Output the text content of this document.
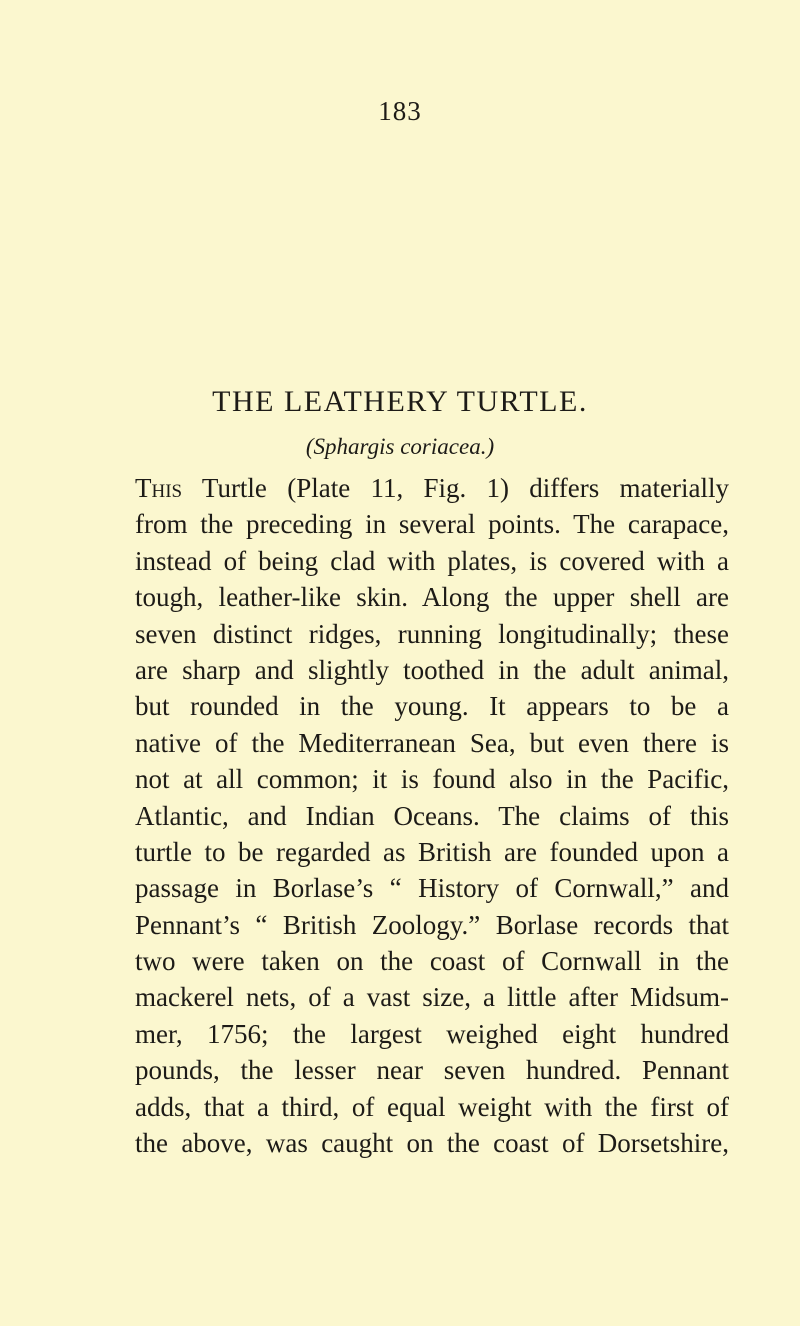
183
THE LEATHERY TURTLE.
(Sphargis coriacea.)
This Turtle (Plate 11, Fig. 1) differs materially
from the preceding in several points. The carapace,
instead of being clad with plates, is covered with a
tough, leather-like skin. Along the upper shell are
seven distinct ridges, running longitudinally; these
are sharp and slightly toothed in the adult animal,
but rounded in the young. It appears to be a
native of the Mediterranean Sea, but even there is
not at all common; it is found also in the Pacific,
Atlantic, and Indian Oceans. The claims of this
turtle to be regarded as British are founded upon a
passage in Borlase’s “ History of Cornwall,” and
Pennant’s “ British Zoology.” Borlase records that
two were taken on the coast of Cornwall in the
mackerel nets, of a vast size, a little after Midsum-
mer, 1756; the largest weighed eight hundred
pounds, the lesser near seven hundred. Pennant
adds, that a third, of equal weight with the first of
the above, was caught on the coast of Dorsetshire,
